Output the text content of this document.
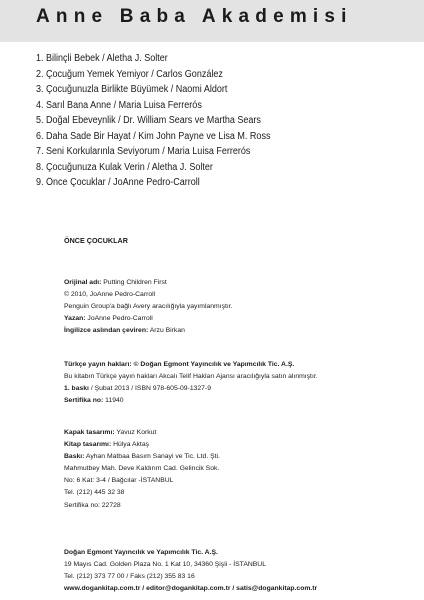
Anne Baba Akademisi
1. Bilinçli Bebek / Aletha J. Solter
2. Çocuğum Yemek Yemiyor / Carlos González
3. Çocuğunuzla Birlikte Büyümek / Naomi Aldort
4. Sarıl Bana Anne / Maria Luisa Ferrerós
5. Doğal Ebeveynlik / Dr. William Sears ve Martha Sears
6. Daha Sade Bir Hayat / Kim John Payne ve Lisa M. Ross
7. Seni Korkularınla Seviyorum / Maria Luisa Ferrerós
8. Çocuğunuza Kulak Verin / Aletha J. Solter
9. Önce Çocuklar / JoAnne Pedro-Carroll
ÖNCE ÇOCUKLAR
Orijinal adı: Putting Children First
© 2010, JoAnne Pedro-Carroll
Penguin Group'a bağlı Avery aracılığıyla yayımlanmıştır.
Yazan: JoAnne Pedro-Carroll
İngilizce aslından çeviren: Arzu Birkan
Türkçe yayın hakları: © Doğan Egmont Yayıncılık ve Yapımcılık Tic. A.Ş.
Bu kitabın Türkçe yayın hakları Akcalı Telif Hakları Ajansı aracılığıyla satın alınmıştır.
1. baskı / Şubat 2013 / ISBN 978-605-09-1327-9
Sertifika no: 11940
Kapak tasarımı: Yavuz Korkut
Kitap tasarımı: Hülya Aktaş
Baskı: Ayhan Matbaa Basım Sanayi ve Tic. Ltd. Şti.
Mahmutbey Mah. Deve Kaldırım Cad. Gelincik Sok.
No: 6 Kat: 3-4 / Bağcılar -İSTANBUL
Tel. (212) 445 32 38
Sertifika no: 22728
Doğan Egmont Yayıncılık ve Yapımcılık Tic. A.Ş.
19 Mayıs Cad. Golden Plaza No. 1 Kat 10, 34360 Şişli - İSTANBUL
Tel. (212) 373 77 00 / Faks (212) 355 83 16
www.dogankitap.com.tr / editor@dogankitap.com.tr / satis@dogankitap.com.tr
